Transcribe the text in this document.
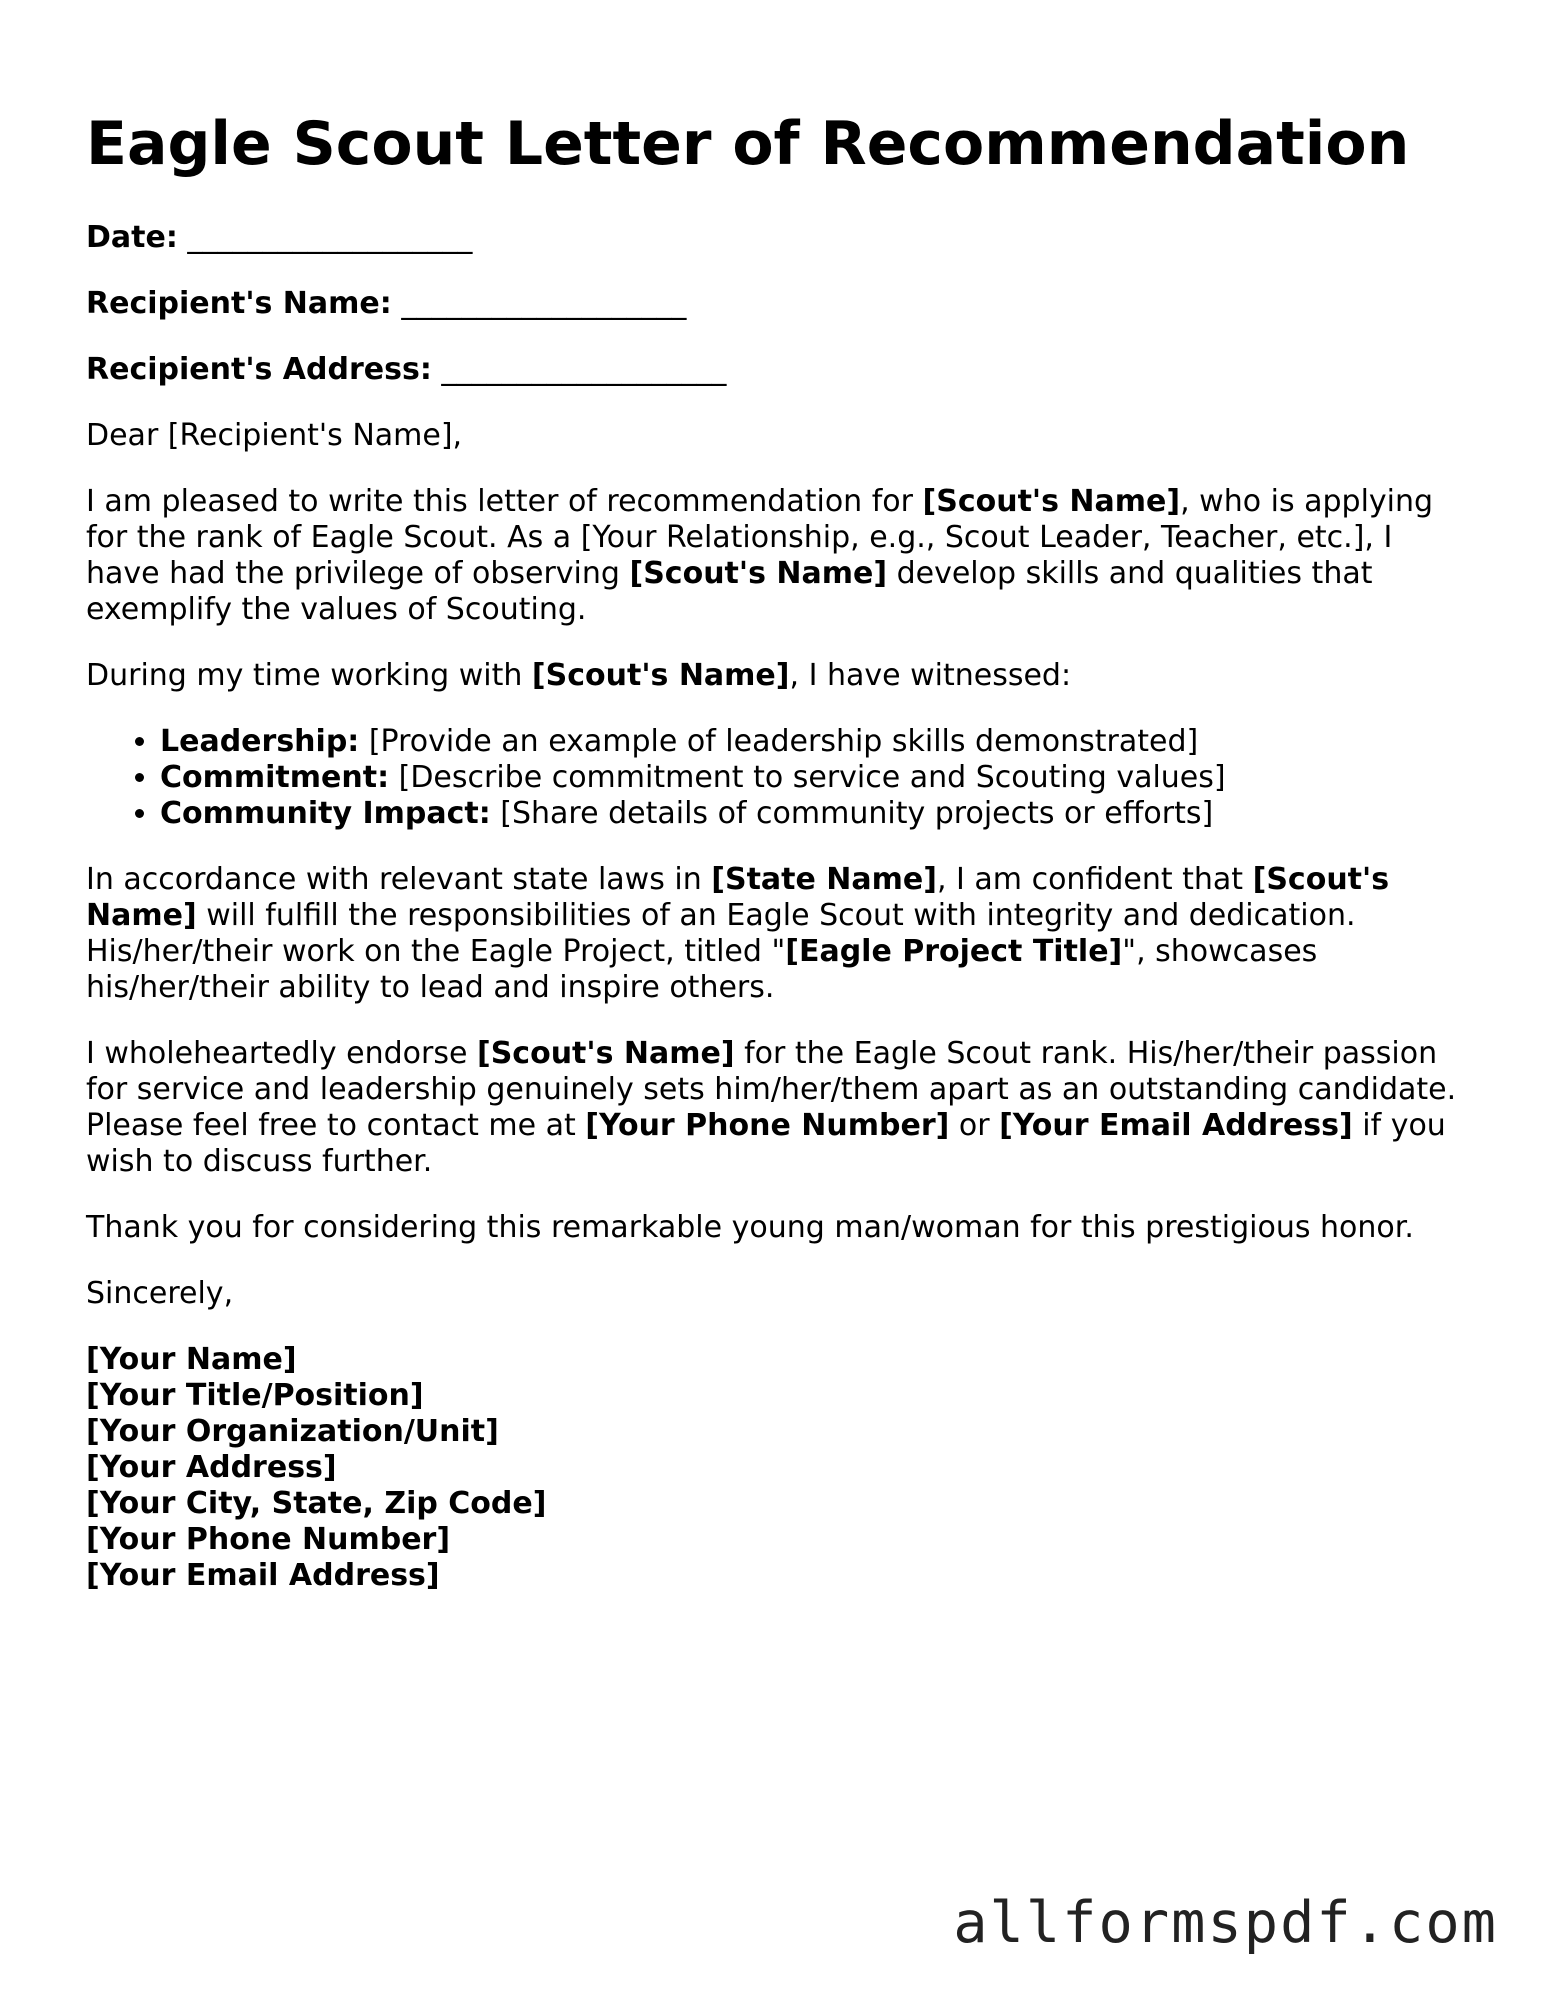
Eagle Scout Letter of Recommendation

Date: ___________________

Recipient's Name: ___________________

Recipient's Address: ___________________

Dear [Recipient's Name],

I am pleased to write this letter of recommendation for [Scout's Name], who is applying for the rank of Eagle Scout. As a [Your Relationship, e.g., Scout Leader, Teacher, etc.], I have had the privilege of observing [Scout's Name] develop skills and qualities that exemplify the values of Scouting.

During my time working with [Scout's Name], I have witnessed:

• Leadership: [Provide an example of leadership skills demonstrated]
• Commitment: [Describe commitment to service and Scouting values]
• Community Impact: [Share details of community projects or efforts]

In accordance with relevant state laws in [State Name], I am confident that [Scout's Name] will fulfill the responsibilities of an Eagle Scout with integrity and dedication. His/her/their work on the Eagle Project, titled "[Eagle Project Title]", showcases his/her/their ability to lead and inspire others.

I wholeheartedly endorse [Scout's Name] for the Eagle Scout rank. His/her/their passion for service and leadership genuinely sets him/her/them apart as an outstanding candidate. Please feel free to contact me at [Your Phone Number] or [Your Email Address] if you wish to discuss further.

Thank you for considering this remarkable young man/woman for this prestigious honor.

Sincerely,

[Your Name]

[Your Title/Position]

[Your Organization/Unit]

[Your Address]

[Your City, State, Zip Code]

[Your Phone Number]

[Your Email Address]

allformspdf.com
